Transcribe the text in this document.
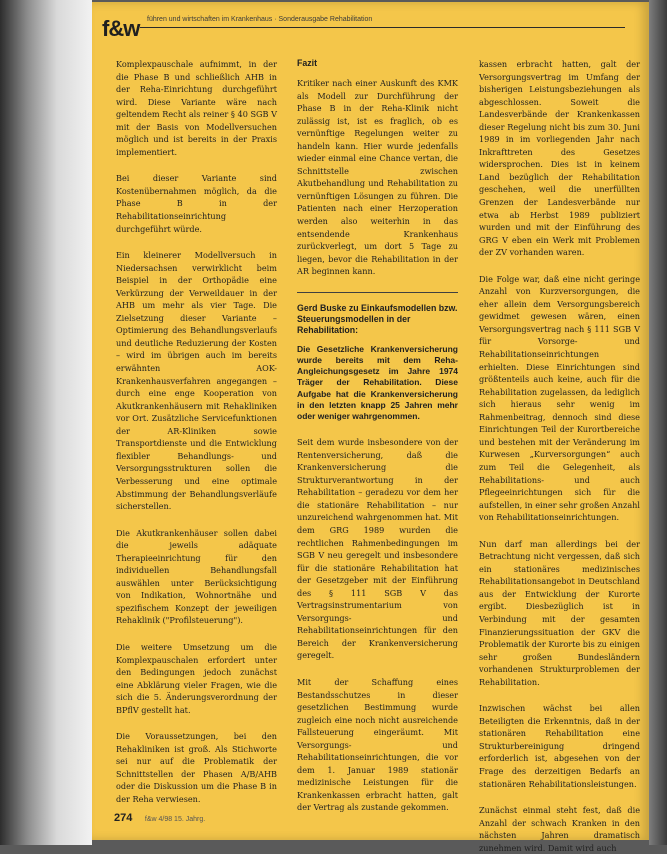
f&w führen und wirtschaften im Krankenhaus · Sonderausgabe Rehabilitation

Komplexpauschale aufnimmt, in der die Phase B und schließlich AHB in der Reha-Einrichtung durchgeführt wird. Diese Variante wäre nach geltendem Recht als reiner § 40 SGB V mit der Basis von Modellversuchen möglich und ist bereits in der Praxis implementiert.

Bei dieser Variante sind Kostenübernahmen möglich, da die Phase B in der Rehabilitationseinrichtung durchgeführt würde.

Ein kleinerer Modellversuch in Niedersachsen verwirklicht beim Beispiel in der Orthopädie eine Verkürzung der Verweildauer in der AHB um mehr als vier Tage. Die Zielsetzung dieser Variante – Optimierung des Behandlungsverlaufs und deutliche Reduzierung der Kosten – wird im übrigen auch im bereits erwähnten AOK-Krankenhausverfahren angegangen – durch eine enge Kooperation von Akutkrankenhäusern mit Rehakliniken vor Ort. Zusätzliche Servicefunktionen der AR-Kliniken sowie Transportdienste und die Entwicklung flexibler Behandlungs- und Versorgungsstrukturen sollen die Verbesserung und eine optimale Abstimmung der Behandlungsverläufe sicherstellen.

Die Akutkrankenhäuser sollen dabei die jeweils adäquate Therapieeinrichtung für den individuellen Behandlungsfall auswählen unter Berücksichtigung von Indikation, Wohnortnähe und spezifischem Konzept der jeweiligen Rehaklinik ("Profilsteuerung").

Die weitere Umsetzung um die Komplexpauschalen erfordert unter den Bedingungen jedoch zunächst eine Abklärung vieler Fragen, wie die sich die 5. Änderungsverordnung der BPflV gestellt hat.

Die Voraussetzungen, bei den Rehakliniken ist groß. Als Stichworte sei nur auf die Problematik der Schnittstellen der Phasen A/B/AHB oder die Diskussion um die Phase B in der Reha verwiesen.

Fazit

Kritiker nach einer Auskunft des KMK als Modell zur Durchführung der Phase B in der Reha-Klinik nicht zulässig ist, ist es fraglich, ob es vernünftige Regelungen weiter zu handeln kann. Hier wurde jedenfalls wieder einmal eine Chance vertan, die Schnittstelle zwischen Akutbehandlung und Rehabilitation zu vernünftigen Lösungen zu führen. Die Patienten nach einer Herzoperation werden also weiterhin in das entsendende Krankenhaus zurückverlegt, um dort 5 Tage zu liegen, bevor die Rehabilitation in der AR beginnen kann.

Gerd Buske zu Einkaufsmodellen bzw. Steuerungsmodellen in der Rehabilitation:

Die Gesetzliche Krankenversicherung wurde bereits mit dem Reha-Angleichungsgesetz im Jahre 1974 Träger der Rehabilitation. Diese Aufgabe hat die Krankenversicherung in den letzten knapp 25 Jahren mehr oder weniger wahrgenommen.

Seit dem wurde insbesondere von der Rentenversicherung, daß die Krankenversicherung die Strukturverantwortung in der Rehabilitation – geradezu vor dem her die stationäre Rehabilitation – nur unzureichend wahrgenommen hat. Mit dem GRG 1989 wurden die rechtlichen Rahmenbedingungen im SGB V neu geregelt und insbesondere für die stationäre Rehabilitation hat der Gesetzgeber mit der Einführung des § 111 SGB V das Vertragsinstrumentarium von Versorgungs- und Rehabilitationseinrichtungen für den Bereich der Krankenversicherung geregelt.

Mit der Schaffung eines Bestandsschutzes in dieser gesetzlichen Bestimmung wurde zugleich eine noch nicht ausreichende Fallsteuerung eingeräumt. Mit Versorgungs- und Rehabilitationseinrichtungen, die vor dem 1. Januar 1989 stationär medizinische Leistungen für die Krankenkassen erbracht hatten, galt der Vertrag als zustande gekommen.

kassen erbracht hatten, galt der Versorgungsvertrag im Umfang der bisherigen Leistungsbeziehungen als abgeschlossen. Soweit die Landesverbände der Krankenkassen dieser Regelung nicht bis zum 30. Juni 1989 in im vorliegenden Jahr nach Inkrafttreten des Gesetzes widersprochen. Dies ist in keinem Land bezüglich der Rehabilitation geschehen, weil die unerfüllten Grenzen der Landesverbände nur etwa ab Herbst 1989 publiziert wurden und mit der Einführung des GRG V eben ein Werk mit Problemen der ZV vorhanden waren.

Die Folge war, daß eine nicht geringe Anzahl von Kurzversorgungen, die eher allein dem Versorgungsbereich gewidmet gewesen wären, einen Versorgungsvertrag nach § 111 SGB V für Vorsorge- und Rehabilitationseinrichtungen erhielten. Diese Einrichtungen sind größtenteils auch keine, auch für die Rehabilitation zugelassen, da lediglich sich hieraus sehr wenig im Rahmenbeitrag, dennoch sind diese Einrichtungen Teil der Kurortbereiche und bestehen mit der Veränderung im Kurwesen „Kurversorgungen“ auch zum Teil die Gelegenheit, als Rehabilitations- und auch Pflegeeinrichtungen sich für die aufstellen, in einer sehr großen Anzahl von Rehabilitationseinrichtungen.

Nun darf man allerdings bei der Betrachtung nicht vergessen, daß sich ein stationäres medizinisches Rehabilitationsangebot in Deutschland aus der Entwicklung der Kurorte ergibt. Diesbezüglich ist in Verbindung mit der gesamten Finanzierungssituation der GKV die Problematik der Kurorte bis zu einigen sehr großen Bundesländern vorhandenen Strukturproblemen der Rehabilitation.

Inzwischen wächst bei allen Beteiligten die Erkenntnis, daß in der stationären Rehabilitation eine Strukturbereinigung dringend erforderlich ist, abgesehen von der Frage des derzeitigen Bedarfs an stationären Rehabilitationsleistungen.

Zunächst einmal steht fest, daß die Anzahl der schwach Kranken in den nächsten Jahren dramatisch zunehmen wird. Damit wird auch

274 f&w 4/98 15. Jahrg.
